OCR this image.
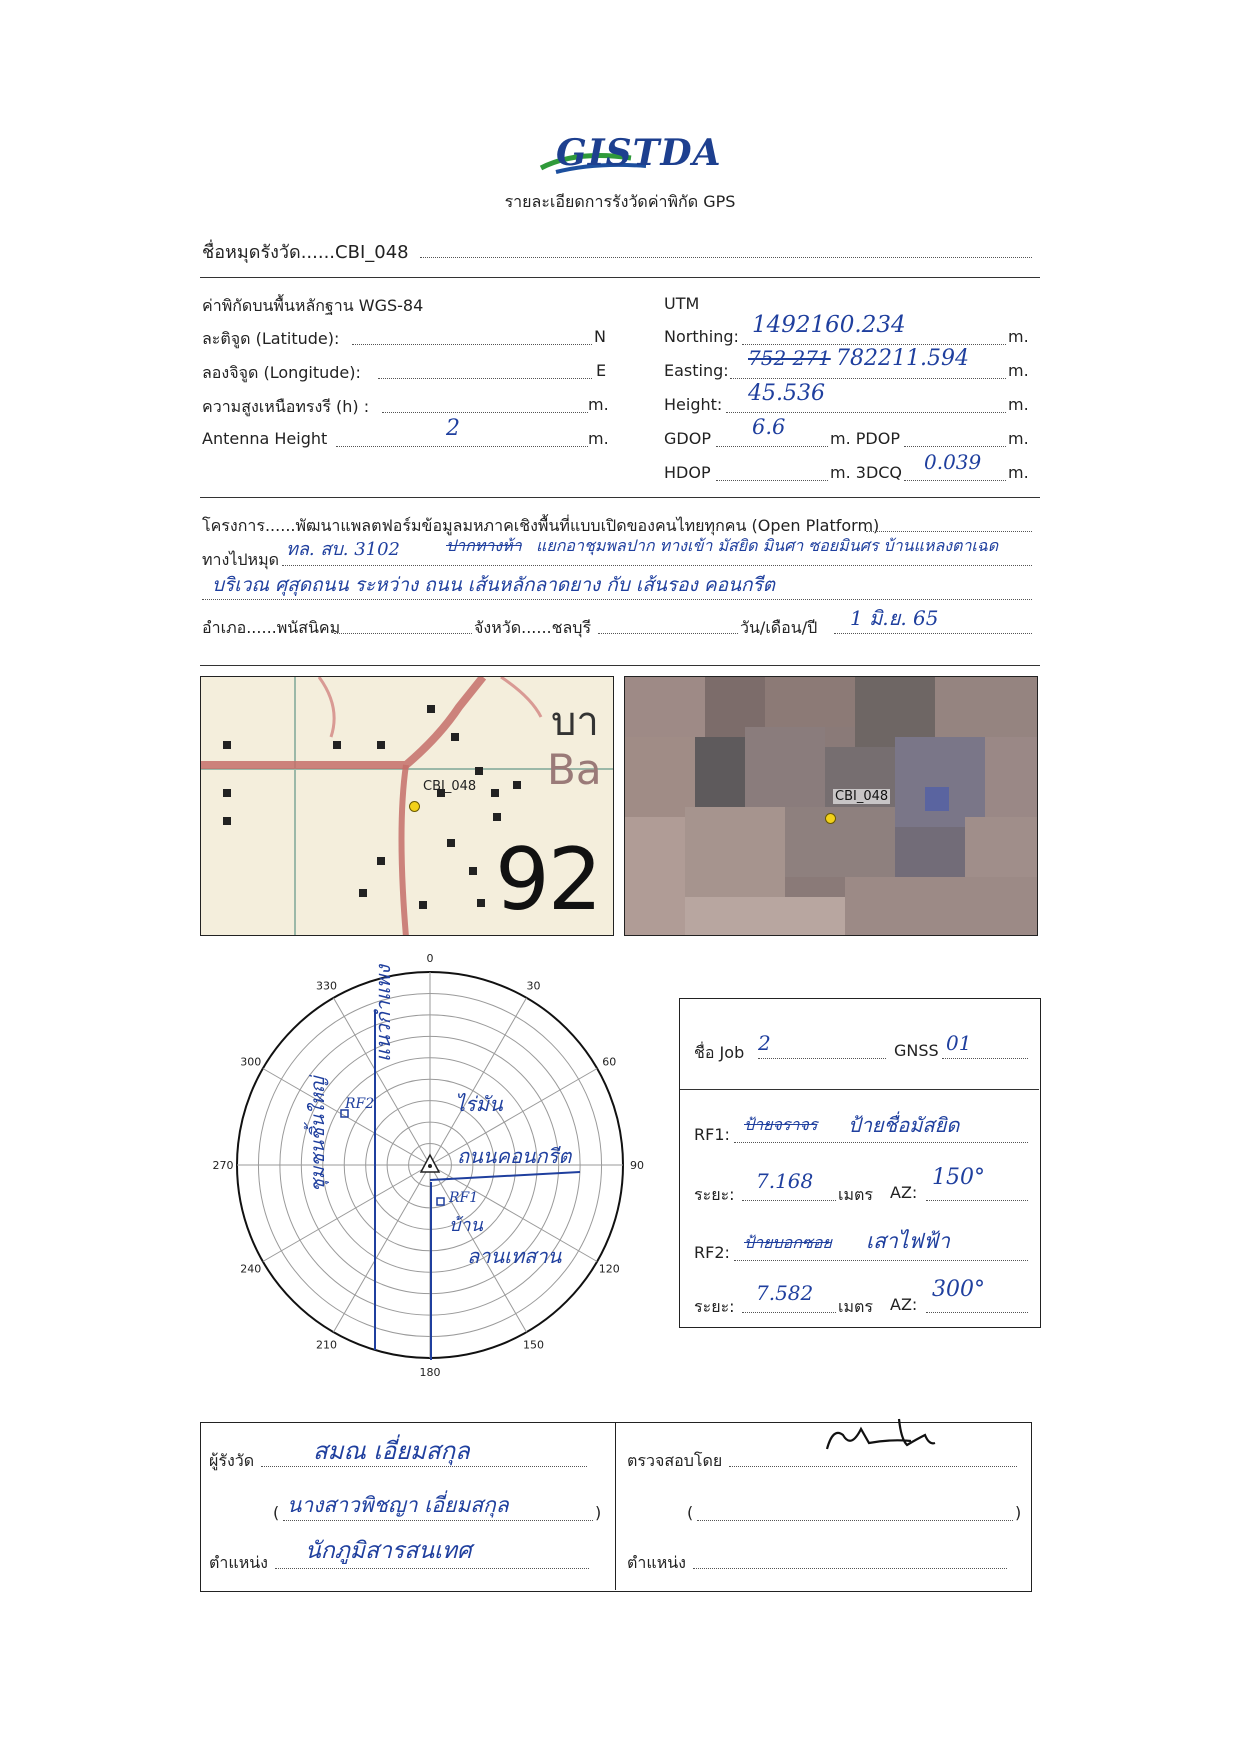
GISTDA
รายละเอียดการรังวัดค่าพิกัด GPS
ชื่อหมุดรังวัด......CBI_048
ค่าพิกัดบนพื้นหลักฐาน WGS-84
ละติจูด (Latitude):	N
ลองจิจูด (Longitude):	E
ความสูงเหนือทรงรี (h) :	m.
Antenna Height	2	m.
UTM
Northing: 1492160.234	m.
Easting:
752 271 782211.594 m.
Height: 45.536	m.
GDOP 6.6	m. PDOP	m.
HDOP	m. 3DCQ 0.039 m.
โครงการ......พัฒนาแพลตฟอร์มข้อมูลมหภาคเชิงพื้นที่แบบเปิดของคนไทยทุกคน (Open Platform)
ทางไปหมุด ทล. สบ. 3102	ปากทางห้า แยกอาชุมพลปาก ทางเข้า มัสยิด มินศา ซอยมินศร บ้านแหลงตาเฉด
บริเวณ ศุสุดถนน ระหว่าง ถนน เส้นหลักลาดยาง กับ เส้นรอง คอนกรีต
อำเภอ......พนัสนิคม	จังหวัด......ชลบุรี	วัน/เดือน/ปี 1 มิ.ย. 65
บา
Ba
92
CBI_048
CBI_048
0
30
60
90
120
150
180
210
240
270
300
330 แนวกำแพง
ไร่มัน
ถนนคอนกรีต
RF1
บ้าน
ลานเทสาน
RF2
ชุมชนชิ้นใหญ่
ชื่อ Job 2	GNSS 01
RF1:
ป้ายจราจร ป้ายชื่อมัสยิด
ระยะ:
7.168
เมตร AZ:
150°
RF2:
ป้ายบอกซอย เสาไฟฟ้า
ระยะ:
7.582
เมตร AZ:
300°
ผู้รังวัด สมณ เอี่ยมสกุล
( นางสาวพิชญา เอี่ยมสกุล	)
ตำแหน่ง นักภูมิสารสนเทศ
ตรวจสอบโดย
(	)
ตำแหน่ง
